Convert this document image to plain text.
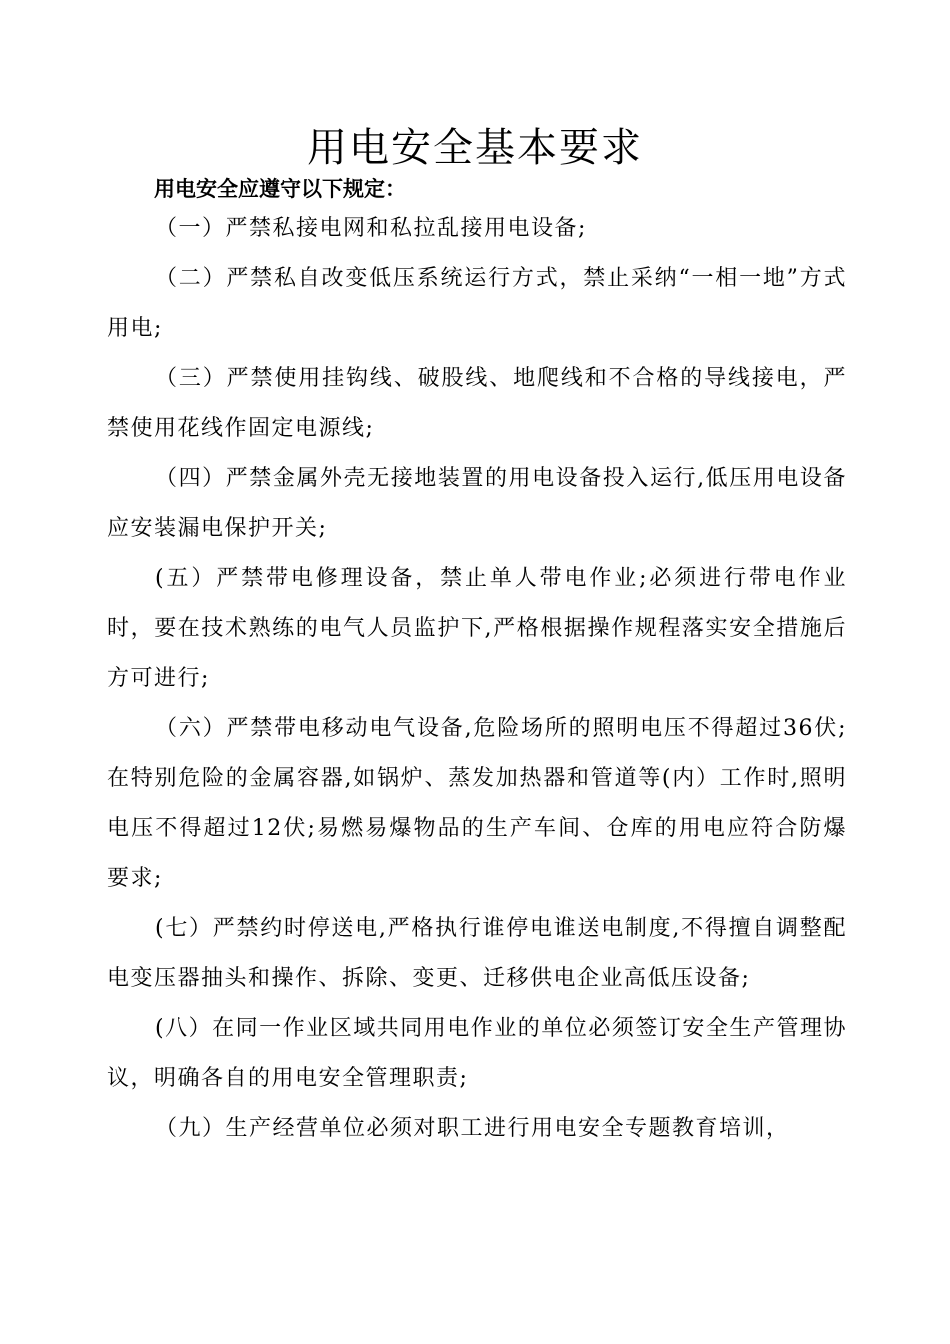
用电安全基本要求

用电安全应遵守以下规定：

（一）严禁私接电网和私拉乱接用电设备;

（二）严禁私自改变低压系统运行方式，禁止采纳“一相一地”方式用电;

（三）严禁使用挂钩线、破股线、地爬线和不合格的导线接电，严禁使用花线作固定电源线;

（四）严禁金属外壳无接地装置的用电设备投入运行,低压用电设备应安装漏电保护开关;

(五）严禁带电修理设备，禁止单人带电作业;必须进行带电作业时，要在技术熟练的电气人员监护下,严格根据操作规程落实安全措施后方可进行;

（六）严禁带电移动电气设备,危险场所的照明电压不得超过36伏;在特别危险的金属容器,如锅炉、蒸发加热器和管道等(内）工作时,照明电压不得超过12伏;易燃易爆物品的生产车间、仓库的用电应符合防爆要求;

(七）严禁约时停送电,严格执行谁停电谁送电制度,不得擅自调整配电变压器抽头和操作、拆除、变更、迁移供电企业高低压设备;

(八）在同一作业区域共同用电作业的单位必须签订安全生产管理协议，明确各自的用电安全管理职责;

（九）生产经营单位必须对职工进行用电安全专题教育培训，
